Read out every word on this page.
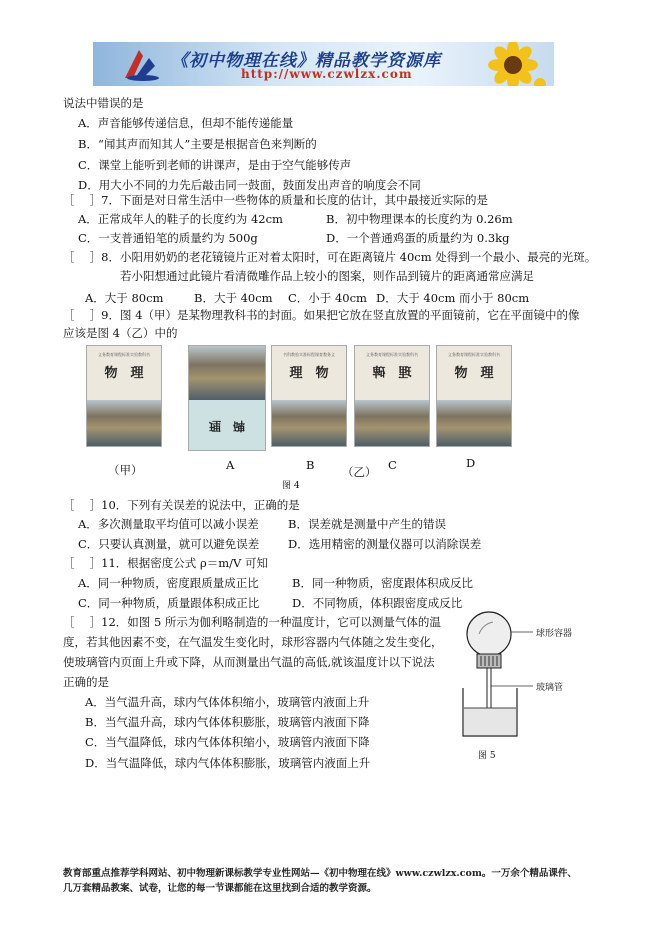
《初中物理在线》精品教学资源库
http://www.czwlzx.com
说法中错误的是
A．声音能够传递信息，但却不能传递能量
B．“闻其声而知其人”主要是根据音色来判断的
C．课堂上能听到老师的讲课声，是由于空气能够传声
D．用大小不同的力先后敲击同一鼓面，鼓面发出声音的响度会不同
［　 ］7．下面是对日常生活中一些物体的质量和长度的估计，其中最接近实际的是
A．正常成年人的鞋子的长度约为 42cm	B．初中物理课本的长度约为 0.26m
C．一支普通铅笔的质量约为 500g	D．一个普通鸡蛋的质量约为 0.3kg
［　 ］8．小阳用奶奶的老花镜镜片正对着太阳时，可在距离镜片 40cm 处得到一个最小、最亮的光斑。
若小阳想通过此镜片看清微雕作品上较小的图案，则作品到镜片的距离通常应满足
A．大于 80cm	B．大于 40cm C．小于 40cm D．大于 40cm 而小于 80cm
［　 ］9．图 4（甲）是某物理教科书的封面。如果把它放在竖直放置的平面镜前，它在平面镜中的像
应该是图 4（乙）中的
义务教育课程标准实验教科书
物　理
理　碑
书科教验实准标程课育教务义
理　物
义务教育课程标准实验教科书
理　碑
义务教育课程标准实验教科书
物　理
（甲）	A	B （乙） C	D
图 4
［　 ］10．下列有关误差的说法中，正确的是
A．多次测量取平均值可以减小误差	B．误差就是测量中产生的错误
C．只要认真测量，就可以避免误差 D．选用精密的测量仪器可以消除误差
［　 ］11．根据密度公式 ρ＝m/V 可知
A．同一种物质，密度跟质量成正比	B．同一种物质，密度跟体积成反比
C．同一种物质，质量跟体积成正比	D．不同物质，体积跟密度成反比
［　 ］12．如图 5 所示为伽利略制造的一种温度计，它可以测量气体的温
度，若其他因素不变，在气温发生变化时，球形容器内气体随之发生变化，
使玻璃管内页面上升或下降，从而测量出气温的高低,就该温度计以下说法
正确的是
A．当气温升高，球内气体体积缩小，玻璃管内液面上升
B．当气温升高，球内气体体积膨胀，玻璃管内液面下降
C．当气温降低，球内气体体积缩小，玻璃管内液面下降
D．当气温降低，球内气体体积膨胀，玻璃管内液面上升
球形容器
玻璃管
图 5
教育部重点推荐学科网站、初中物理新课标教学专业性网站—《初中物理在线》www.czwlzx.com。一万余个精品课件、
几万套精品教案、试卷，让您的每一节课都能在这里找到合适的教学资源。
